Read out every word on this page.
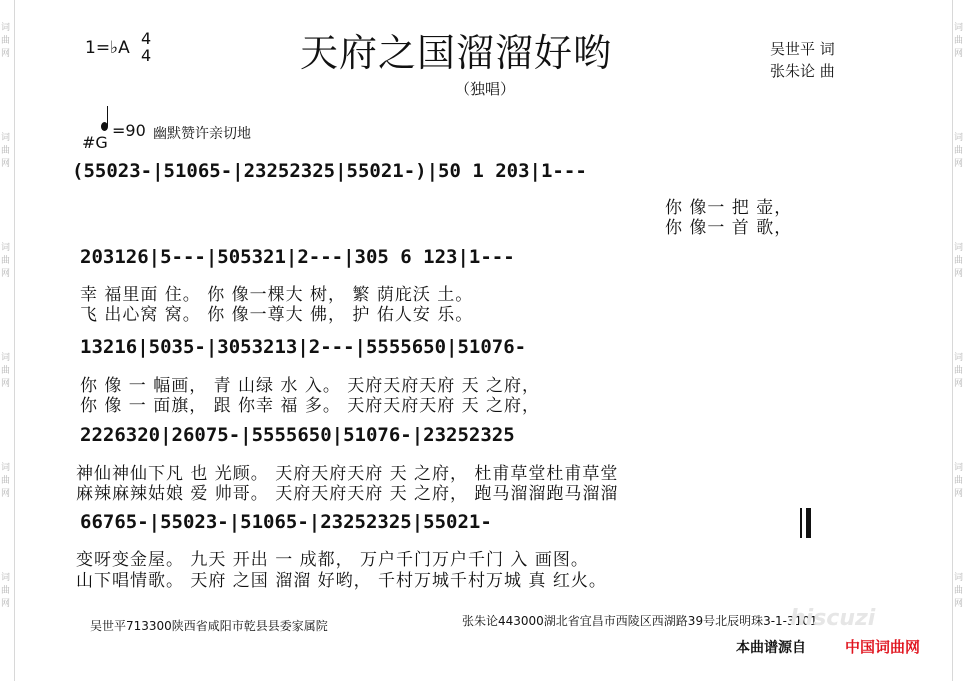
词
曲
网
词
曲
网
词
曲
网
词
曲
网
词
曲
网
词
曲
网
词
曲
网
词
曲
网
词
曲
网
词
曲
网
词
曲
网
词
曲
网
1=♭A 4
4	天府之国溜溜好哟
（独唱）
吴世平 词
张朱论 曲
#G
=90 幽默赞许亲切地
(55023-|51065-|23252325|55021-)|50 1 203|1---
你 像一 把 壶，
你 像一 首 歌，
203126|5---|505321|2---|305 6 123|1---
幸 福里面 住。 你 像一棵大 树， 繁 荫庇沃 土。
飞 出心窝 窝。 你 像一尊大 佛， 护 佑人安 乐。
13216|5035-|3053213|2---|5555650|51076-
你 像 一 幅画， 青 山绿 水 入。 天府天府天府 天 之府，
你 像 一 面旗， 跟 你幸 福 多。 天府天府天府 天 之府，
2226320|26075-|5555650|51076-|23252325
神仙神仙下凡 也 光顾。 天府天府天府 天 之府， 杜甫草堂杜甫草堂
麻辣麻辣姑娘 爱 帅哥。 天府天府天府 天 之府， 跑马溜溜跑马溜溜
66765-|55023-|51065-|23252325|55021-
变呀变金屋。 九天 开出 一 成都， 万户千门万户千门 入 画图。
山下唱情歌。 天府 之国 溜溜 好哟， 千村万城千村万城 真 红火。
吴世平713300陕西省咸阳市乾县县委家属院	张朱论443000湖北省宜昌市西陵区西湖路39号北辰明珠3-1-3101
hiscuzi
本曲谱源自	中国词曲网
